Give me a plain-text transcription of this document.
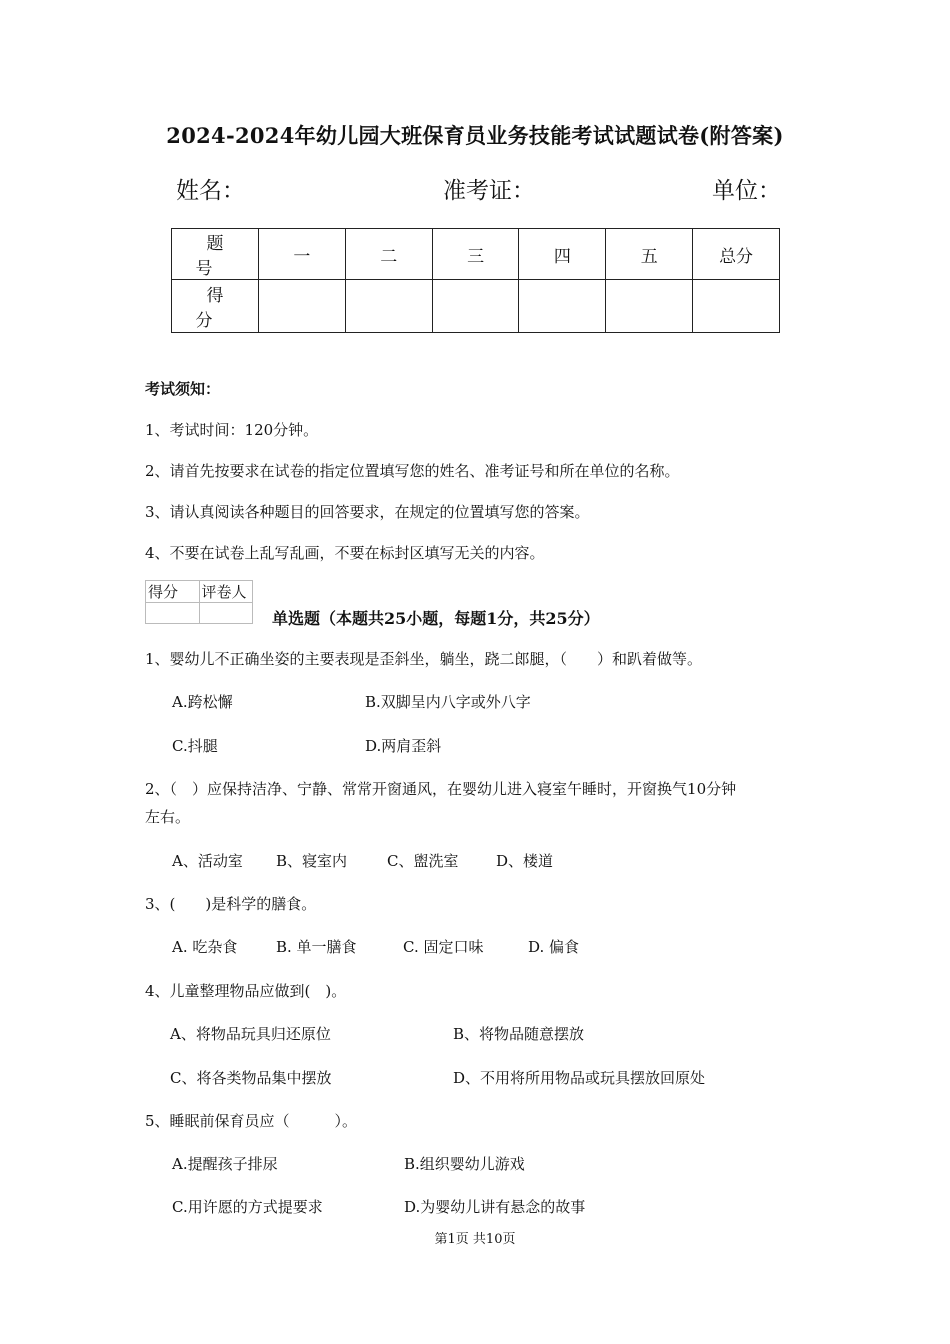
2024-2024年幼儿园大班保育员业务技能考试试题试卷(附答案)
姓名：	准考证：	单位：
题 号	一	二	三	四	五	总分
得 分						
考试须知：
1、考试时间：120分钟。
2、请首先按要求在试卷的指定位置填写您的姓名、准考证号和所在单位的名称。
3、请认真阅读各种题目的回答要求，在规定的位置填写您的答案。
4、不要在试卷上乱写乱画，不要在标封区填写无关的内容。
得分	评卷人

单选题（本题共25小题，每题1分，共25分）
1、婴幼儿不正确坐姿的主要表现是歪斜坐，躺坐，跷二郎腿，（　　）和趴着做等。
A.跨松懈	B.双脚呈内八字或外八字
C.抖腿	D.两肩歪斜
2、（　）应保持洁净、宁静、常常开窗通风，在婴幼儿进入寝室午睡时，开窗换气10分钟
左右。
A、活动室 B、寝室内	C、盥洗室	D、楼道
3、(　　)是科学的膳食。
A. 吃杂食	B. 单一膳食	C. 固定口味	D. 偏食
4、儿童整理物品应做到(　)。
A、将物品玩具归还原位	B、将物品随意摆放
C、将各类物品集中摆放	D、不用将所用物品或玩具摆放回原处
5、睡眠前保育员应（　　　）。
A.提醒孩子排尿	B.组织婴幼儿游戏
C.用许愿的方式提要求	D.为婴幼儿讲有悬念的故事
第1页 共10页
